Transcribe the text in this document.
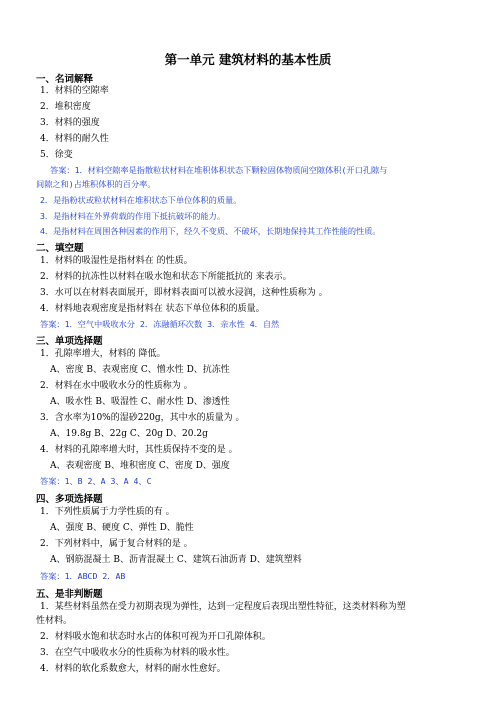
第一单元 建筑材料的基本性质
一、名词解释
1．材料的空隙率
2．堆积密度
3．材料的强度
4．材料的耐久性
5．徐变
答案：1．材料空隙率是指散粒状材料在堆积体积状态下颗粒固体物质间空隙体积(开口孔隙与
间隙之和)占堆积体积的百分率。
2．是指粉状或粒状材料在堆积状态下单位体积的质量。
3．是指材料在外界荷载的作用下抵抗破坏的能力。
4．是指材料在周围各种因素的作用下，经久不变质、不破坏，长期地保持其工作性能的性质。
二、填空题
1．材料的吸湿性是指材料在 的性质。
2．材料的抗冻性以材料在吸水饱和状态下所能抵抗的 来表示。
3．水可以在材料表面展开，即材料表面可以被水浸润，这种性质称为 。
4．材料地表观密度是指材料在 状态下单位体积的质量。
答案：1．空气中吸收水分 2．冻融循环次数 3．亲水性 4．自然
三、单项选择题
1．孔隙率增大，材料的 降低。
A、密度 B、表观密度 C、憎水性 D、抗冻性
2．材料在水中吸收水分的性质称为 。
A、吸水性 B、吸湿性 C、耐水性 D、渗透性
3．含水率为10%的湿砂220g，其中水的质量为 。
A、19.8g B、22g C、20g D、20.2g
4．材料的孔隙率增大时，其性质保持不变的是 。
A、表观密度 B、堆积密度 C、密度 D、强度
答案：1、B 2、A 3、A 4、C
四、多项选择题
1．下列性质属于力学性质的有 。
A、强度 B、硬度 C、弹性 D、脆性
2．下列材料中，属于复合材料的是 。
A、钢筋混凝土 B、沥青混凝土 C、建筑石油沥青 D、建筑塑料
答案：1．ABCD 2．AB
五、是非判断题
1．某些材料虽然在受力初期表现为弹性，达到一定程度后表现出塑性特征，这类材料称为塑
性材料。
2．材料吸水饱和状态时水占的体积可视为开口孔隙体积。
3．在空气中吸收水分的性质称为材料的吸水性。
4．材料的软化系数愈大，材料的耐水性愈好。
